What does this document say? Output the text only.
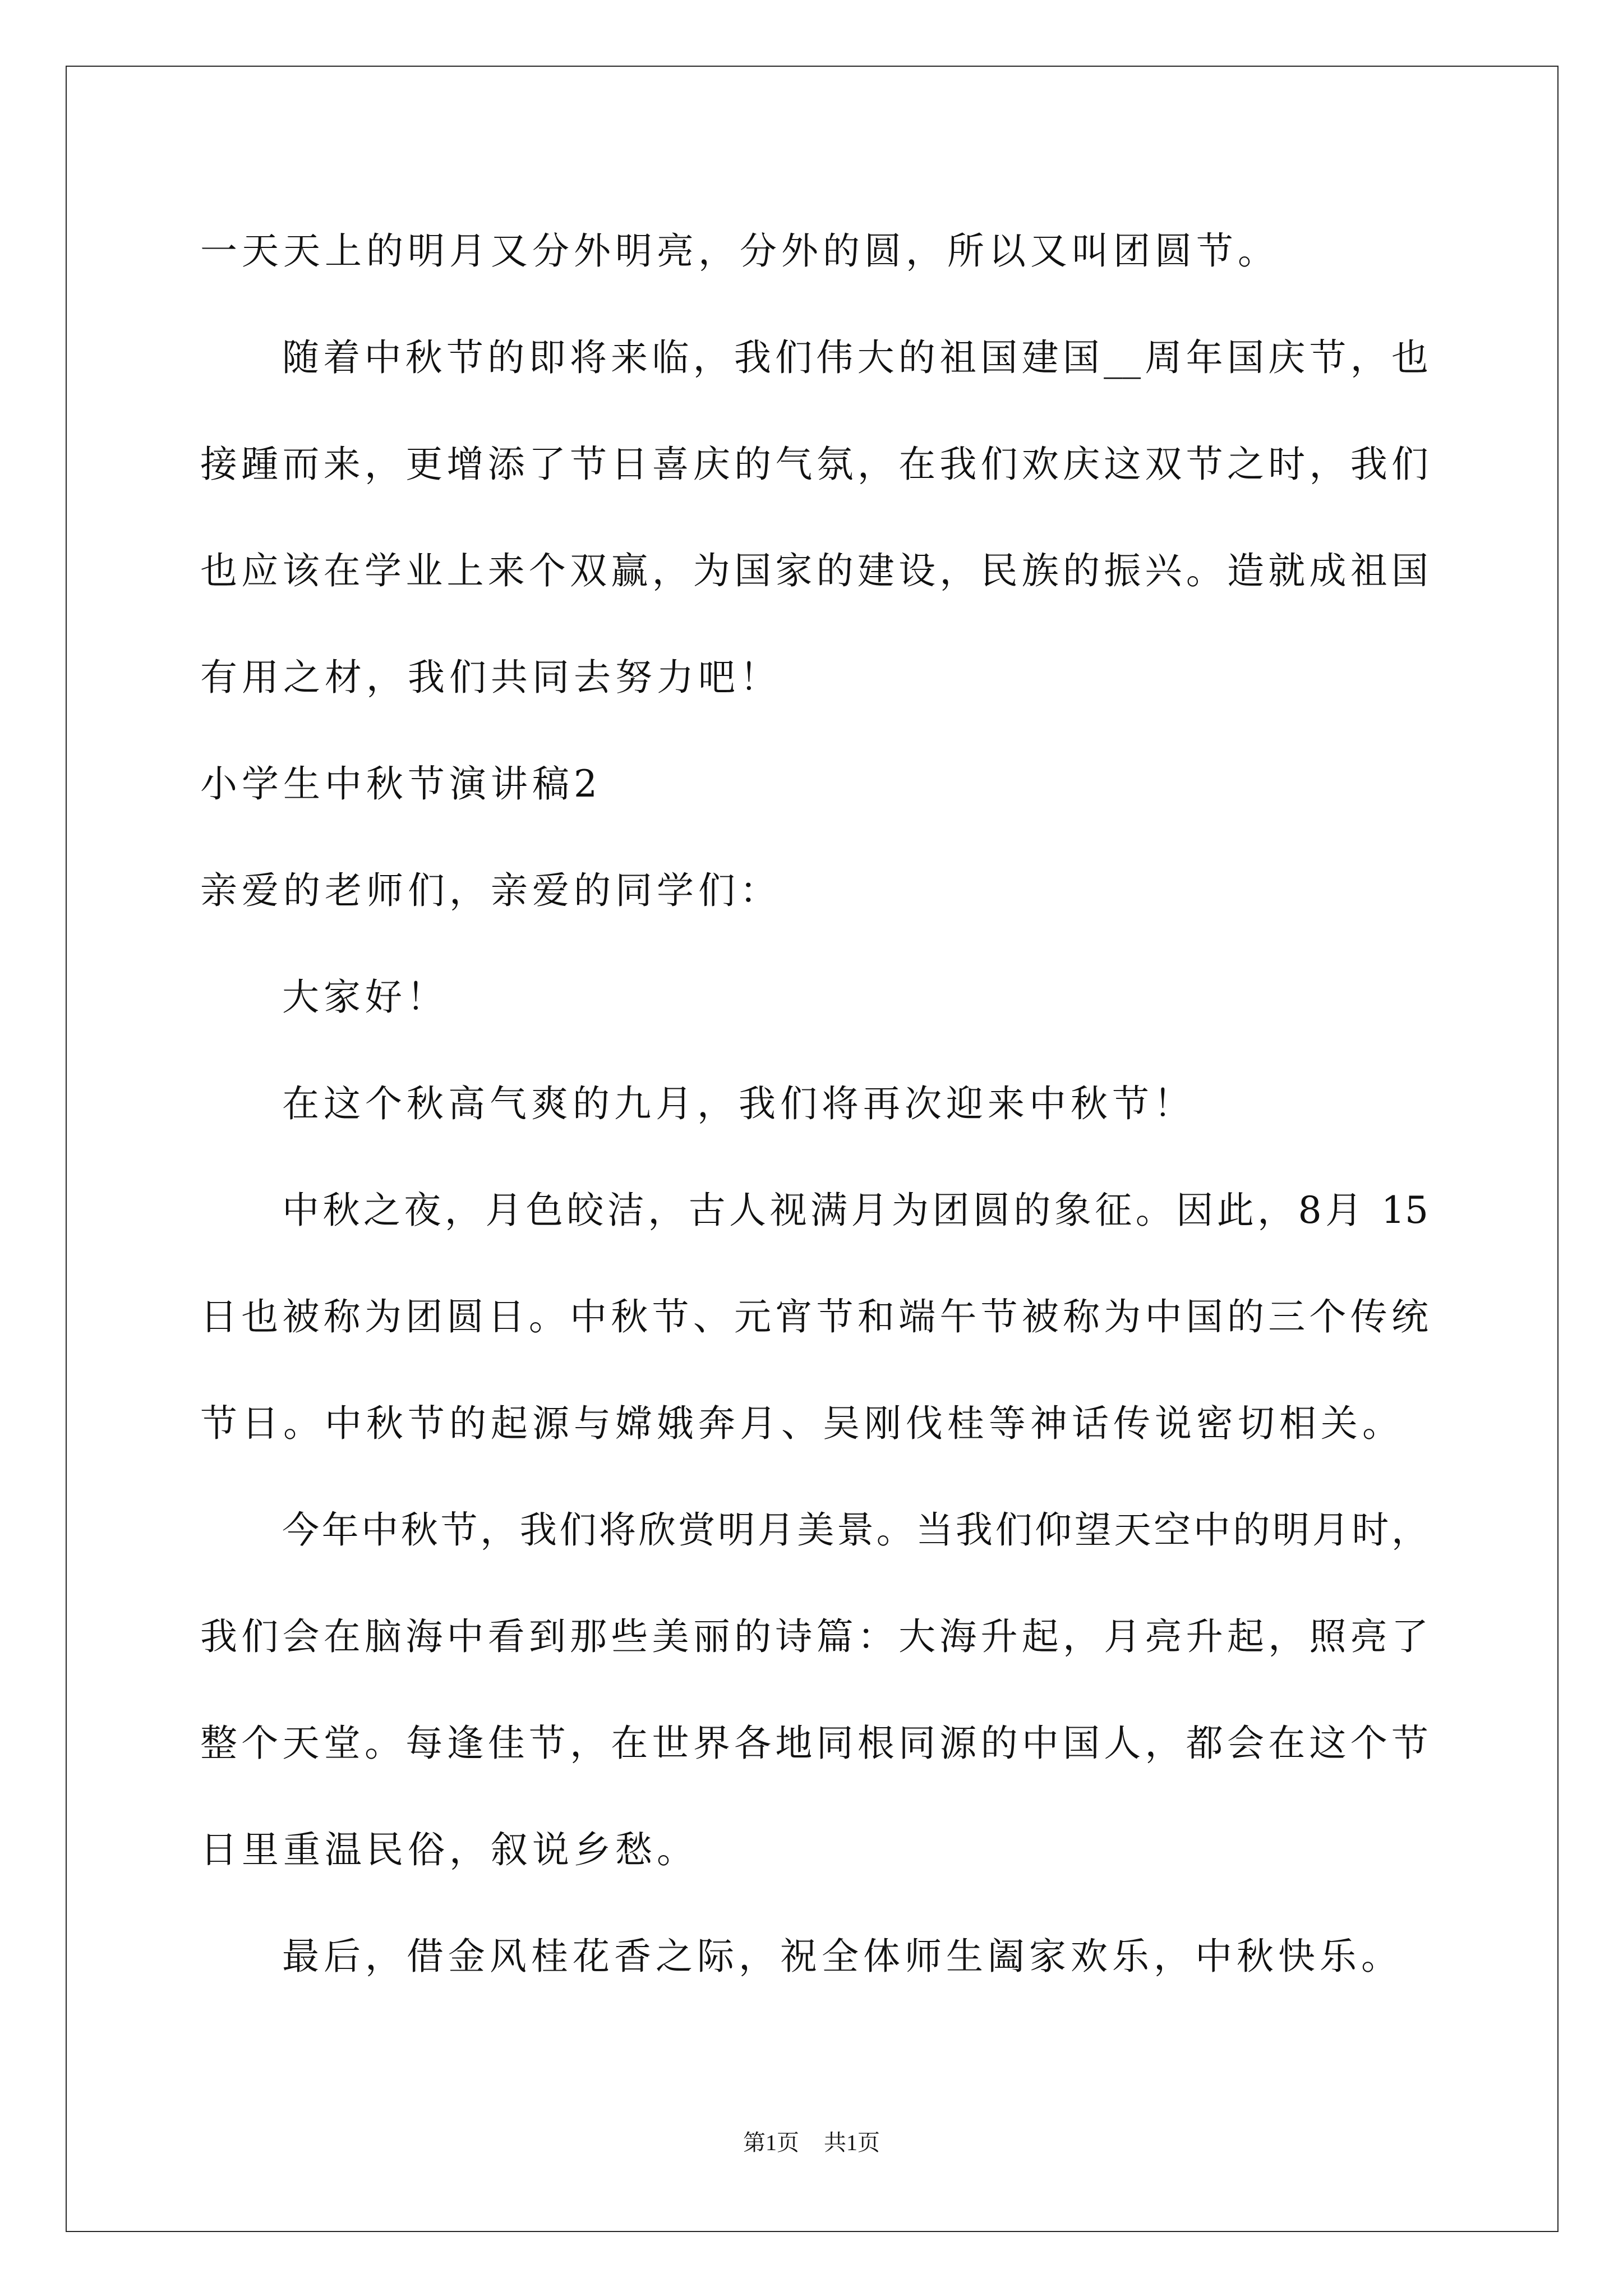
一天天上的明月又分外明亮，分外的圆，所以又叫团圆节。
随着中秋节的即将来临，我们伟大的祖国建国__周年国庆节，也
接踵而来，更增添了节日喜庆的气氛，在我们欢庆这双节之时，我们
也应该在学业上来个双赢，为国家的建设，民族的振兴。造就成祖国
有用之材，我们共同去努力吧！
小学生中秋节演讲稿2
亲爱的老师们，亲爱的同学们：
大家好！
在这个秋高气爽的九月，我们将再次迎来中秋节！
中秋之夜，月色皎洁，古人视满月为团圆的象征。因此，8月 15
日也被称为团圆日。中秋节、元宵节和端午节被称为中国的三个传统
节日。中秋节的起源与嫦娥奔月、吴刚伐桂等神话传说密切相关。
今年中秋节，我们将欣赏明月美景。当我们仰望天空中的明月时，
我们会在脑海中看到那些美丽的诗篇：大海升起，月亮升起，照亮了
整个天堂。每逢佳节，在世界各地同根同源的中国人，都会在这个节
日里重温民俗，叙说乡愁。
最后，借金风桂花香之际，祝全体师生阖家欢乐，中秋快乐。
第1页 共1页
